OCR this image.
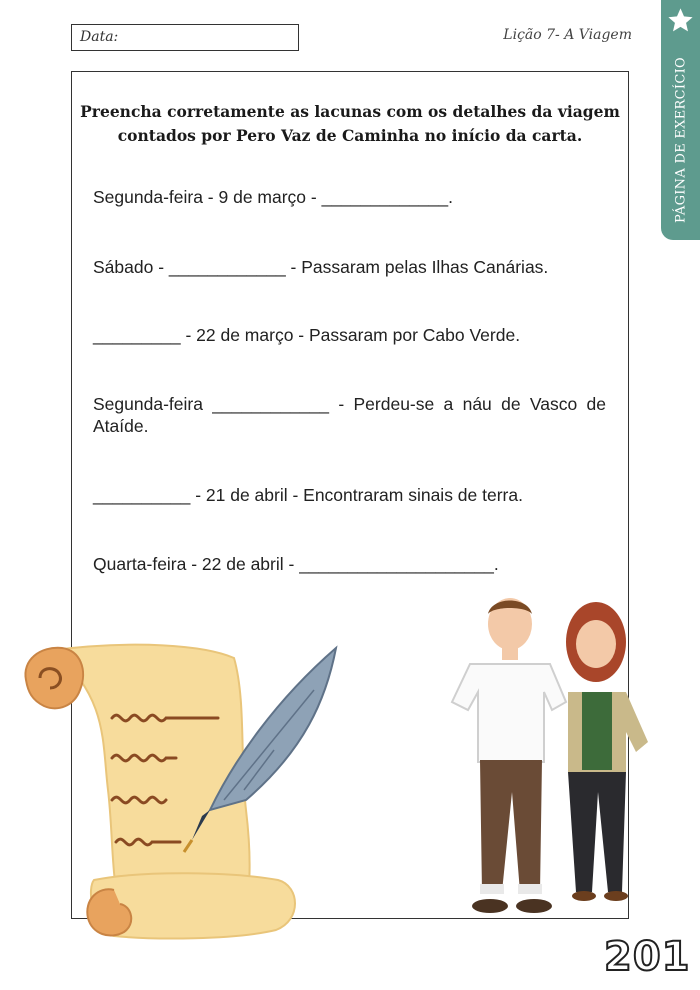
Data:	Lição 7- A Viagem
PÁGINA DE EXERCÍCIO
Preencha corretamente as lacunas com os detalhes da viagem contados por Pero Vaz de Caminha no início da carta.
Segunda-feira - 9 de março - _____________.
Sábado - ____________ - Passaram pelas Ilhas Canárias.
_________ - 22 de março - Passaram por Cabo Verde.
Segunda-feira ____________ - Perdeu-se a náu de Vasco de Ataíde.
__________ - 21 de abril - Encontraram sinais de terra.
Quarta-feira - 22 de abril - ____________________.
201
